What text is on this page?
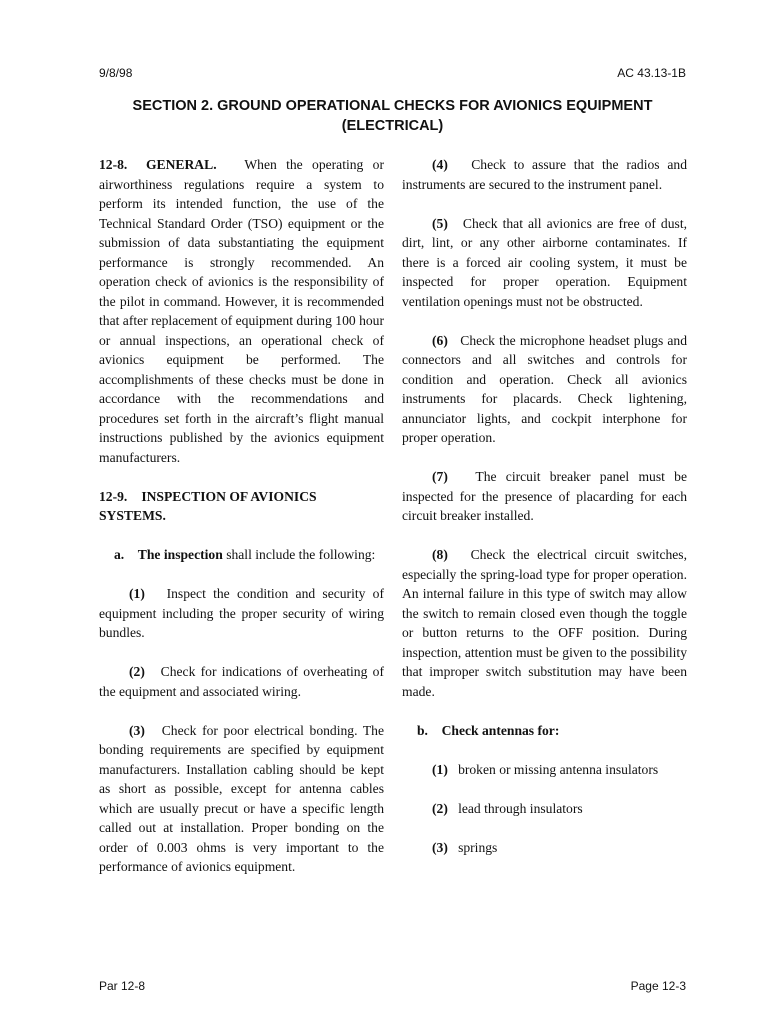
9/8/98	AC 43.13-1B
SECTION 2. GROUND OPERATIONAL CHECKS FOR AVIONICS EQUIPMENT
(ELECTRICAL)

12-8. GENERAL. When the operating or airworthiness regulations require a system to perform its intended function, the use of the Technical Standard Order (TSO) equipment or the submission of data substantiating the equipment performance is strongly recommended. An operation check of avionics is the responsibility of the pilot in command. However, it is recommended that after replacement of equipment during 100 hour or annual inspections, an operational check of avionics equipment be performed. The accomplishments of these checks must be done in accordance with the recommendations and procedures set forth in the aircraft’s flight manual instructions published by the avionics equipment manufacturers.

12-9. INSPECTION OF AVIONICS SYSTEMS.

a. The inspection shall include the following:

(1) Inspect the condition and security of equipment including the proper security of wiring bundles.

(2) Check for indications of overheating of the equipment and associated wiring.

(3) Check for poor electrical bonding. The bonding requirements are specified by equipment manufacturers. Installation cabling should be kept as short as possible, except for antenna cables which are usually precut or have a specific length called out at installation. Proper bonding on the order of 0.003 ohms is very important to the performance of avionics equipment.

(4) Check to assure that the radios and instruments are secured to the instrument panel.

(5) Check that all avionics are free of dust, dirt, lint, or any other airborne contaminates. If there is a forced air cooling system, it must be inspected for proper operation. Equipment ventilation openings must not be obstructed.

(6) Check the microphone headset plugs and connectors and all switches and controls for condition and operation. Check all avionics instruments for placards. Check lightening, annunciator lights, and cockpit interphone for proper operation.

(7) The circuit breaker panel must be inspected for the presence of placarding for each circuit breaker installed.

(8) Check the electrical circuit switches, especially the spring-load type for proper operation. An internal failure in this type of switch may allow the switch to remain closed even though the toggle or button returns to the OFF position. During inspection, attention must be given to the possibility that improper switch substitution may have been made.

b. Check antennas for:

(1) broken or missing antenna insulators

(2) lead through insulators

(3) springs

Par 12-8	Page 12-3
